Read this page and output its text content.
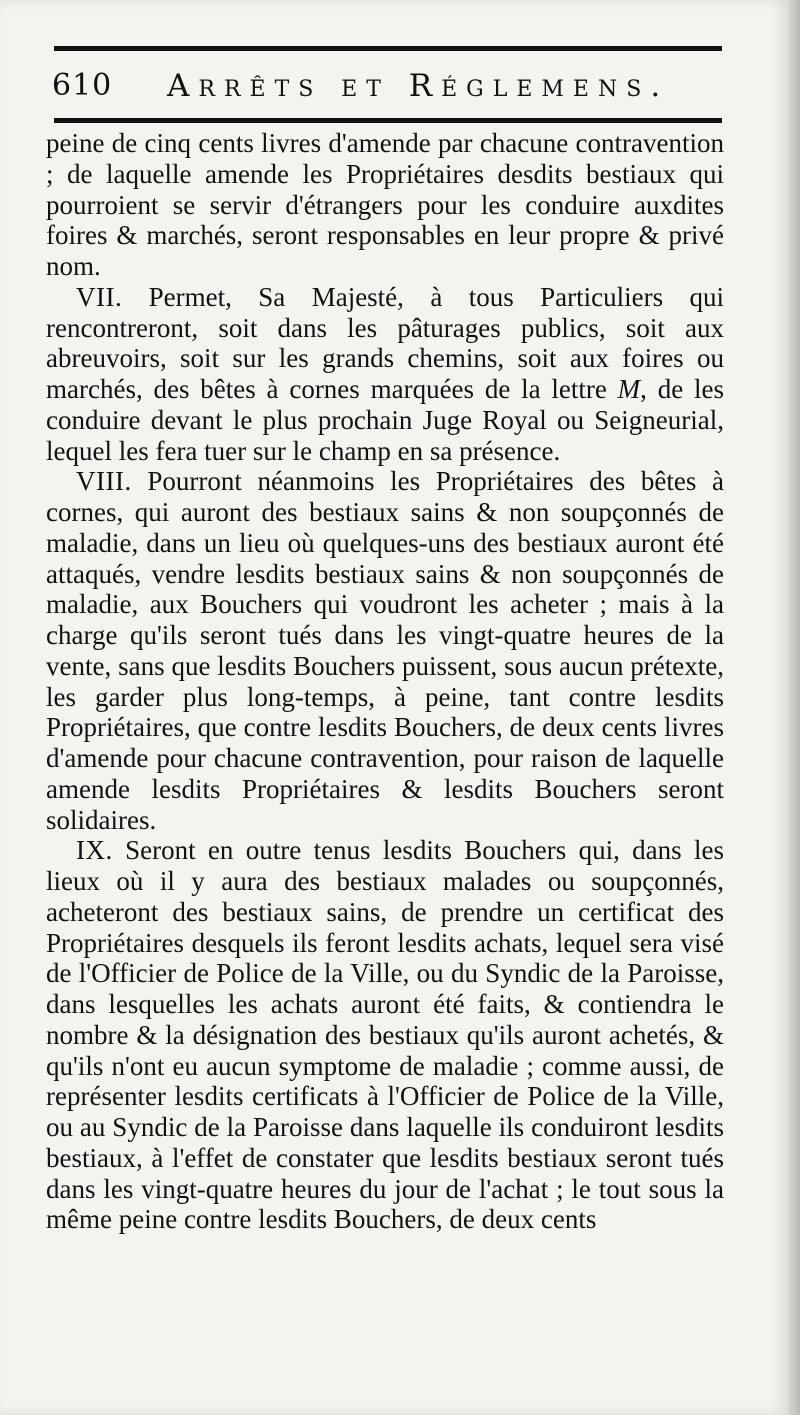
610 Arrêts et Réglemens.

peine de cinq cents livres d'amende par chacune contravention ; de laquelle amende les Propriétaires desdits bestiaux qui pourroient se servir d'étrangers pour les conduire auxdites foires & marchés, seront responsables en leur propre & privé nom.

VII. Permet, Sa Majesté, à tous Particuliers qui rencontreront, soit dans les pâturages publics, soit aux abreuvoirs, soit sur les grands chemins, soit aux foires ou marchés, des bêtes à cornes marquées de la lettre M, de les conduire devant le plus prochain Juge Royal ou Seigneurial, lequel les fera tuer sur le champ en sa présence.

VIII. Pourront néanmoins les Propriétaires des bêtes à cornes, qui auront des bestiaux sains & non soupçonnés de maladie, dans un lieu où quelques-uns des bestiaux auront été attaqués, vendre lesdits bestiaux sains & non soupçonnés de maladie, aux Bouchers qui voudront les acheter ; mais à la charge qu'ils seront tués dans les vingt-quatre heures de la vente, sans que lesdits Bouchers puissent, sous aucun prétexte, les garder plus long-temps, à peine, tant contre lesdits Propriétaires, que contre lesdits Bouchers, de deux cents livres d'amende pour chacune contravention, pour raison de laquelle amende lesdits Propriétaires & lesdits Bouchers seront solidaires.

IX. Seront en outre tenus lesdits Bouchers qui, dans les lieux où il y aura des bestiaux malades ou soupçonnés, acheteront des bestiaux sains, de prendre un certificat des Propriétaires desquels ils feront lesdits achats, lequel sera visé de l'Officier de Police de la Ville, ou du Syndic de la Paroisse, dans lesquelles les achats auront été faits, & contiendra le nombre & la désignation des bestiaux qu'ils auront achetés, & qu'ils n'ont eu aucun symptome de maladie ; comme aussi, de représenter lesdits certificats à l'Officier de Police de la Ville, ou au Syndic de la Paroisse dans laquelle ils conduiront lesdits bestiaux, à l'effet de constater que lesdits bestiaux seront tués dans les vingt-quatre heures du jour de l'achat ; le tout sous la même peine contre lesdits Bouchers, de deux cents
